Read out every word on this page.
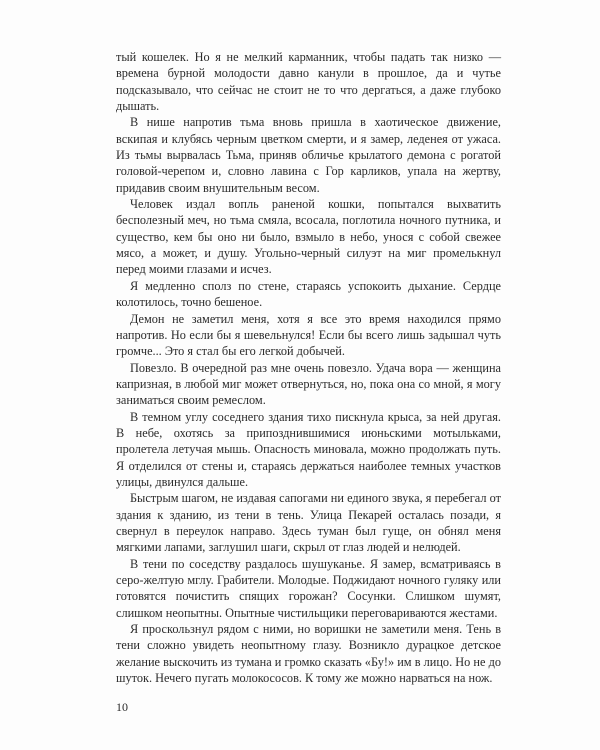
тый кошелек. Но я не мелкий карманник, чтобы падать так низко — времена бурной молодости давно канули в прошлое, да и чутье подсказывало, что сейчас не стоит не то что дергаться, а даже глубоко дышать.

В нише напротив тьма вновь пришла в хаотическое движение, вскипая и клубясь черным цветком смерти, и я замер, леденея от ужаса. Из тьмы вырвалась Тьма, приняв обличье крылатого демона с рогатой головой-черепом и, словно лавина с Гор карликов, упала на жертву, придавив своим внушительным весом.

Человек издал вопль раненой кошки, попытался выхватить бесполезный меч, но тьма смяла, всосала, поглотила ночного путника, и существо, кем бы оно ни было, взмыло в небо, унося с собой свежее мясо, а может, и душу. Угольно-черный силуэт на миг промелькнул перед моими глазами и исчез.

Я медленно сполз по стене, стараясь успокоить дыхание. Сердце колотилось, точно бешеное.

Демон не заметил меня, хотя я все это время находился прямо напротив. Но если бы я шевельнулся! Если бы всего лишь задышал чуть громче... Это я стал бы его легкой добычей.

Повезло. В очередной раз мне очень повезло. Удача вора — женщина капризная, в любой миг может отвернуться, но, пока она со мной, я могу заниматься своим ремеслом.

В темном углу соседнего здания тихо пискнула крыса, за ней другая. В небе, охотясь за припозднившимися июньскими мотыльками, пролетела летучая мышь. Опасность миновала, можно продолжать путь. Я отделился от стены и, стараясь держаться наиболее темных участков улицы, двинулся дальше.

Быстрым шагом, не издавая сапогами ни единого звука, я перебегал от здания к зданию, из тени в тень. Улица Пекарей осталась позади, я свернул в переулок направо. Здесь туман был гуще, он обнял меня мягкими лапами, заглушил шаги, скрыл от глаз людей и нелюдей.

В тени по соседству раздалось шушуканье. Я замер, всматриваясь в серо-желтую мглу. Грабители. Молодые. Поджидают ночного гуляку или готовятся почистить спящих горожан? Сосунки. Слишком шумят, слишком неопытны. Опытные чистильщики переговариваются жестами.

Я проскользнул рядом с ними, но воришки не заметили меня. Тень в тени сложно увидеть неопытному глазу. Возникло дурацкое детское желание выскочить из тумана и громко сказать «Бу!» им в лицо. Но не до шуток. Нечего пугать молокососов. К тому же можно нарваться на нож.

10
